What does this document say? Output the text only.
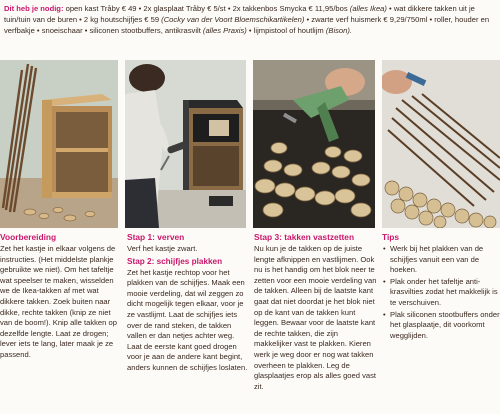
Dit heb je nodig: open kast Tråby € 49 • 2x glasplaat Tråby € 5/st • 2x takkenbos Smycka € 11,95/bos (alles Ikea) • wat dikkere takken uit je tuin/tuin van de buren • 2 kg houtschijfjes € 59 (Cocky van der Voort Bloemschikartikelen) • zwarte verf huismerk € 9,29/750ml • roller, houder en verfbakje • snoeischaar • siliconen stootbuffers, antikrasvilt (alles Praxis) • lijmpistool of houtlijm (Bison).
Voorbereiding

Zet het kastje in elkaar volgens de instructies. (Het middelste plankje gebruikte we niet). Om het tafeltje wat speelser te maken, wisselden we de Ikea-takken af met wat dikkere takken. Zoek buiten naar dikke, rechte takken (knip ze niet van de boom!). Knip alle takken op dezelfde lengte. Laat ze drogen; lever iets te lang, later maak je ze passend.

Stap 1: verven

Verf het kastje zwart.

Stap 2: schijfjes plakken

Zet het kastje rechtop voor het plakken van de schijfjes. Maak een mooie verdeling, dat wil zeggen zo dicht mogelijk tegen elkaar, voor je ze vastlijmt. Laat de schijfjes iets over de rand steken, de takken vallen er dan netjes achter weg. Laat de eerste kant goed drogen voor je aan de andere kant begint, anders kunnen de schijfjes loslaten.

Stap 3: takken vastzetten

Nu kun je de takken op de juiste lengte afknippen en vastlijmen. Ook nu is het handig om het blok neer te zetten voor een mooie verdeling van de takken. Alleen bij de laatste kant gaat dat niet doordat je het blok niet op de kant van de takken kunt leggen. Bewaar voor de laatste kant de rechte takken, die zijn makkelijker vast te plakken. Kieren werk je weg door er nog wat takken overheen te plakken. Leg de glasplaatjes erop als alles goed vast zit.

Tips
• Werk bij het plakken van de schijfjes vanuit een van de hoeken.
• Plak onder het tafeltje anti-krasvilties zodat het makkelijk is te verschuiven.
• Plak siliconen stootbuffers onder het glasplaatje, dit voorkomt wegglijden.
